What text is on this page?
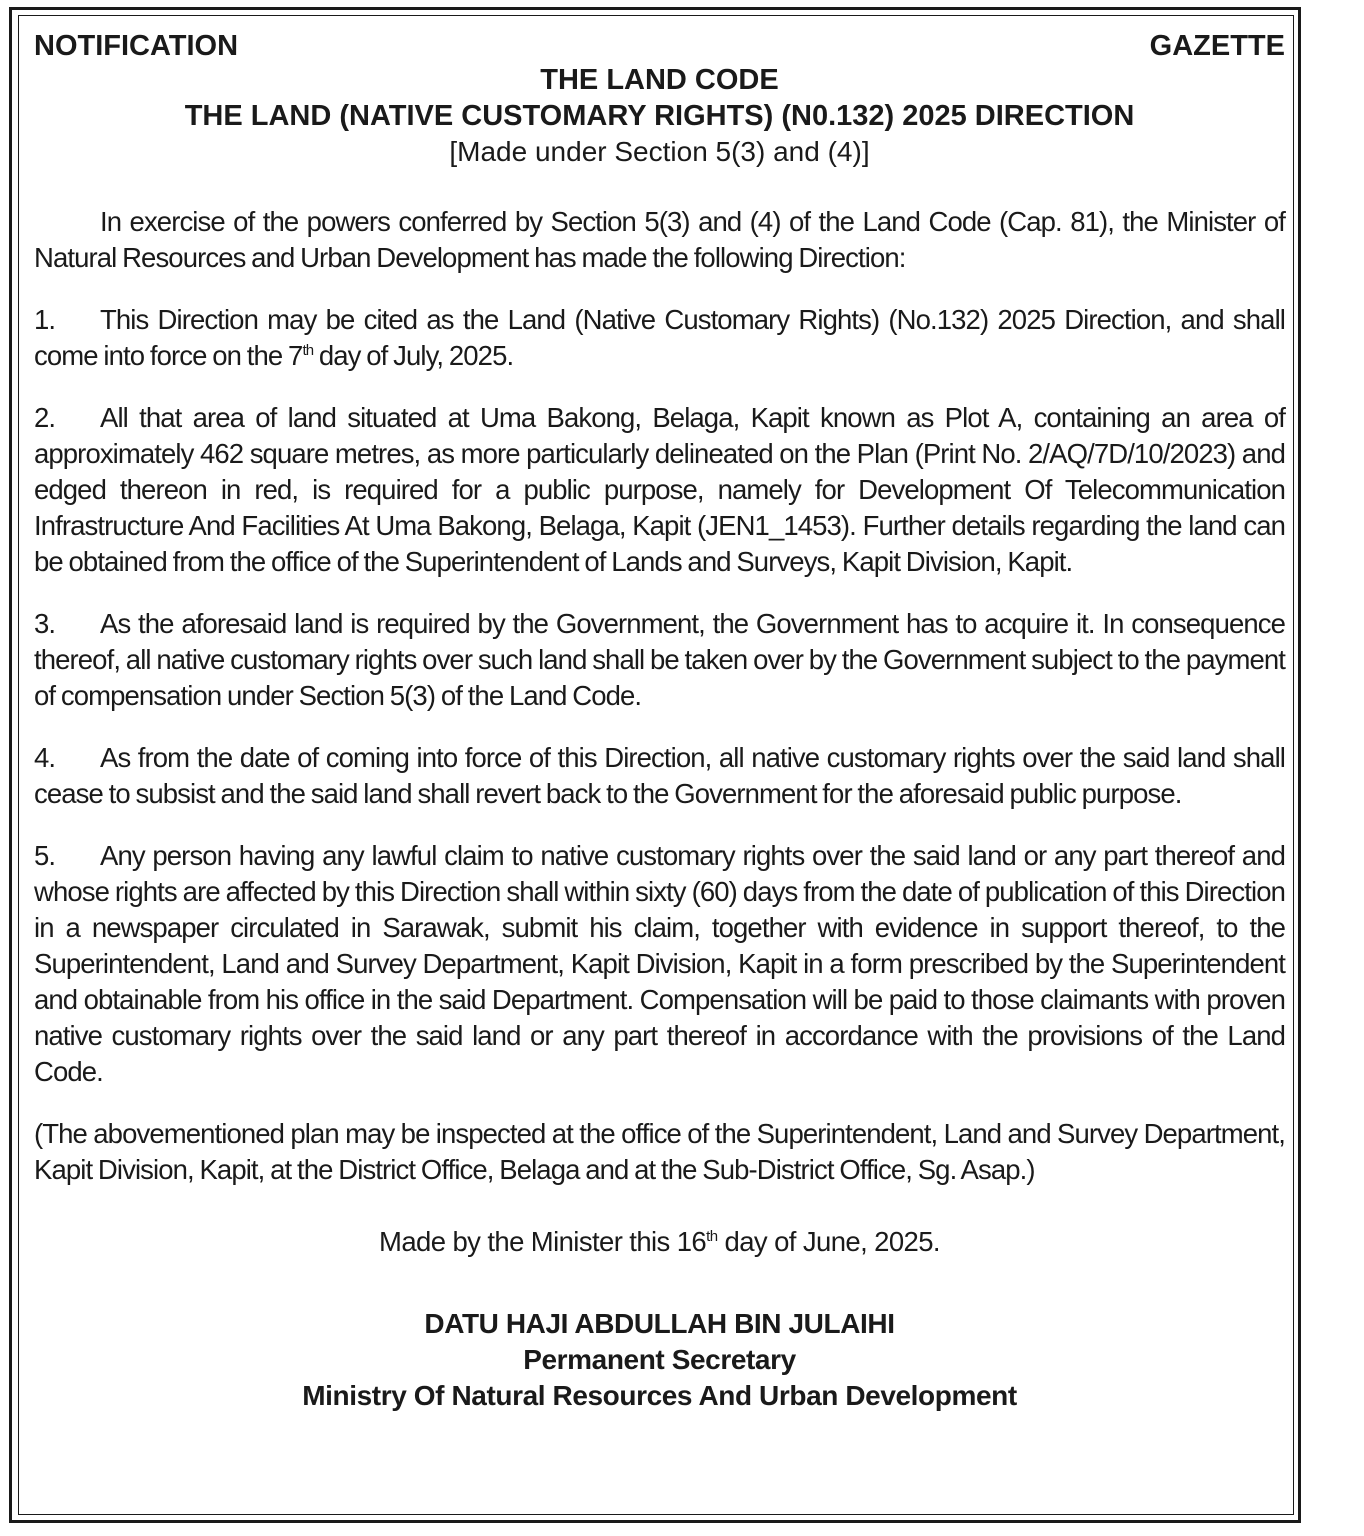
NOTIFICATION	GAZETTE
THE LAND CODE
THE LAND (NATIVE CUSTOMARY RIGHTS) (N0.132) 2025 DIRECTION
[Made under Section 5(3) and (4)]

In exercise of the powers conferred by Section 5(3) and (4) of the Land Code (Cap. 81), the Minister of Natural Resources and Urban Development has made the following Direction:

1. This Direction may be cited as the Land (Native Customary Rights) (No.132) 2025 Direction, and shall come into force on the 7th day of July, 2025.

2. All that area of land situated at Uma Bakong, Belaga, Kapit known as Plot A, containing an area of approximately 462 square metres, as more particularly delineated on the Plan (Print No. 2/AQ/7D/10/2023) and edged thereon in red, is required for a public purpose, namely for Development Of Telecommunication Infrastructure And Facilities At Uma Bakong, Belaga, Kapit (JEN1_1453). Further details regarding the land can be obtained from the office of the Superintendent of Lands and Surveys, Kapit Division, Kapit.

3. As the aforesaid land is required by the Government, the Government has to acquire it. In consequence thereof, all native customary rights over such land shall be taken over by the Government subject to the payment of compensation under Section 5(3) of the Land Code.

4. As from the date of coming into force of this Direction, all native customary rights over the said land shall cease to subsist and the said land shall revert back to the Government for the aforesaid public purpose.

5. Any person having any lawful claim to native customary rights over the said land or any part thereof and whose rights are affected by this Direction shall within sixty (60) days from the date of publication of this Direction in a newspaper circulated in Sarawak, submit his claim, together with evidence in support thereof, to the Superintendent, Land and Survey Department, Kapit Division, Kapit in a form prescribed by the Superintendent and obtainable from his office in the said Department. Compensation will be paid to those claimants with proven native customary rights over the said land or any part thereof in accordance with the provisions of the Land Code.

(The abovementioned plan may be inspected at the office of the Superintendent, Land and Survey Department, Kapit Division, Kapit, at the District Office, Belaga and at the Sub-District Office, Sg. Asap.)

Made by the Minister this 16th day of June, 2025.
DATU HAJI ABDULLAH BIN JULAIHI
Permanent Secretary
Ministry Of Natural Resources And Urban Development
